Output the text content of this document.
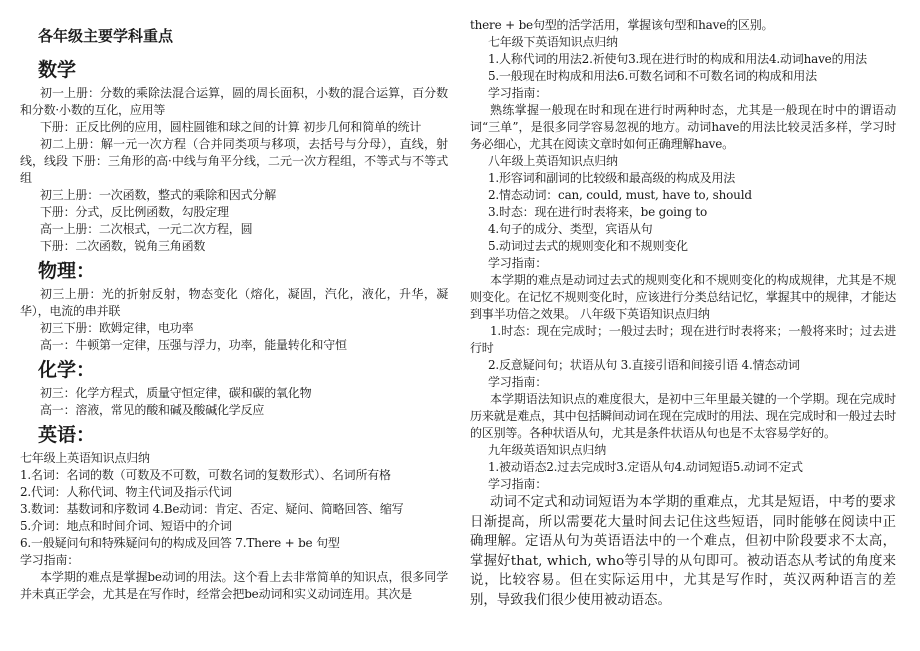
各年级主要学科重点
数学

初一上册：分数的乘除法混合运算，圆的周长面积，小数的混合运算，百分数和分数·小数的互化，应用等

下册：正反比例的应用，圆柱圆锥和球之间的计算 初步几何和简单的统计

初二上册：解一元一次方程（合并同类项与移项，去括号与分母），直线，射线，线段 下册：三角形的高·中线与角平分线，二元一次方程组，不等式与不等式组

初三上册：一次函数，整式的乘除和因式分解

下册：分式，反比例函数，勾股定理

高一上册：二次根式，一元二次方程，圆

下册：二次函数，锐角三角函数

物理：

初三上册：光的折射反射，物态变化（熔化，凝固，汽化，液化，升华，凝华），电流的串并联

初三下册：欧姆定律，电功率

高一：牛顿第一定律，压强与浮力，功率，能量转化和守恒

化学：

初三：化学方程式，质量守恒定律，碳和碳的氧化物

高一：溶液，常见的酸和碱及酸碱化学反应

英语：

七年级上英语知识点归纳

1.名词：名词的数（可数及不可数，可数名词的复数形式）、名词所有格

2.代词：人称代词、物主代词及指示代词

3.数词：基数词和序数词 4.Be动词：肯定、否定、疑问、简略回答、缩写

5.介词：地点和时间介词、短语中的介词

6.一般疑问句和特殊疑问句的构成及回答 7.There + be 句型

学习指南：

本学期的难点是掌握be动词的用法。这个看上去非常简单的知识点，很多同学并未真正学会，尤其是在写作时，经常会把be动词和实义动词连用。其次是

there + be句型的活学活用，掌握该句型和have的区别。

七年级下英语知识点归纳

1.人称代词的用法2.祈使句3.现在进行时的构成和用法4.动词have的用法

5.一般现在时构成和用法6.可数名词和不可数名词的构成和用法

学习指南：

熟练掌握一般现在时和现在进行时两种时态，尤其是一般现在时中的谓语动词“三单”，是很多同学容易忽视的地方。动词have的用法比较灵活多样，学习时务必细心，尤其在阅读文章时如何正确理解have。

八年级上英语知识点归纳

1.形容词和副词的比较级和最高级的构成及用法

2.情态动词：can, could, must, have to, should

3.时态：现在进行时表将来，be going to

4.句子的成分、类型，宾语从句

5.动词过去式的规则变化和不规则变化

学习指南：

本学期的难点是动词过去式的规则变化和不规则变化的构成规律，尤其是不规则变化。在记忆不规则变化时，应该进行分类总结记忆，掌握其中的规律，才能达到事半功倍之效果。 八年级下英语知识点归纳

1.时态：现在完成时；一般过去时；现在进行时表将来；一般将来时；过去进行时

2.反意疑问句；状语从句 3.直接引语和间接引语 4.情态动词

学习指南：

本学期语法知识点的难度很大，是初中三年里最关键的一个学期。现在完成时历来就是难点，其中包括瞬间动词在现在完成时的用法、现在完成时和一般过去时的区别等。各种状语从句，尤其是条件状语从句也是不太容易学好的。

九年级英语知识点归纳

1.被动语态2.过去完成时3.定语从句4.动词短语5.动词不定式

学习指南：

动词不定式和动词短语为本学期的重难点，尤其是短语，中考的要求日渐提高，所以需要花大量时间去记住这些短语，同时能够在阅读中正确理解。定语从句为英语语法中的一个难点，但初中阶段要求不太高，掌握好that, which, who等引导的从句即可。被动语态从考试的角度来说，比较容易。但在实际运用中，尤其是写作时，英汉两种语言的差别，导致我们很少使用被动语态。
